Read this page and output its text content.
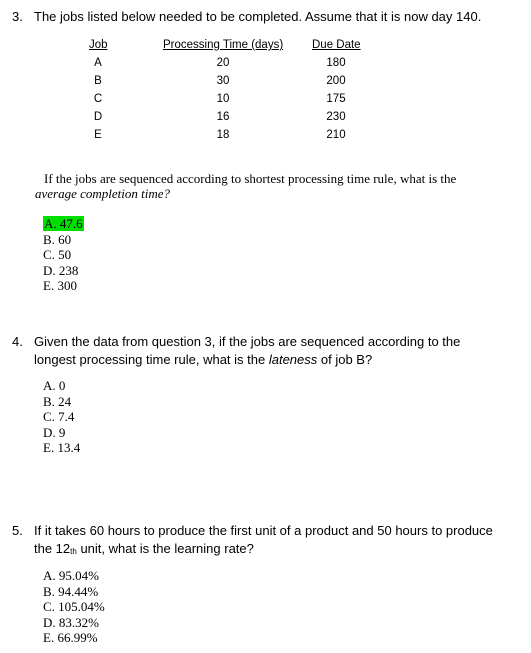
3. The jobs listed below needed to be completed. Assume that it is now day 140.
Job	Processing Time (days)	Due Date
A	20	180
B	30	200
C	10	175
D	16	230
E	18	210
If the jobs are sequenced according to shortest processing time rule, what is the
average completion time?
A. 47.6
B. 60
C. 50
D. 238
E. 300
4. Given the data from question 3, if the jobs are sequenced according to the
longest processing time rule, what is the lateness of job B?
A. 0
B. 24
C. 7.4
D. 9
E. 13.4
5. If it takes 60 hours to produce the first unit of a product and 50 hours to produce
the $12_{th}$ unit, what is the learning rate?
A. 95.04%
B. 94.44%
C. 105.04%
D. 83.32%
E. 66.99%
